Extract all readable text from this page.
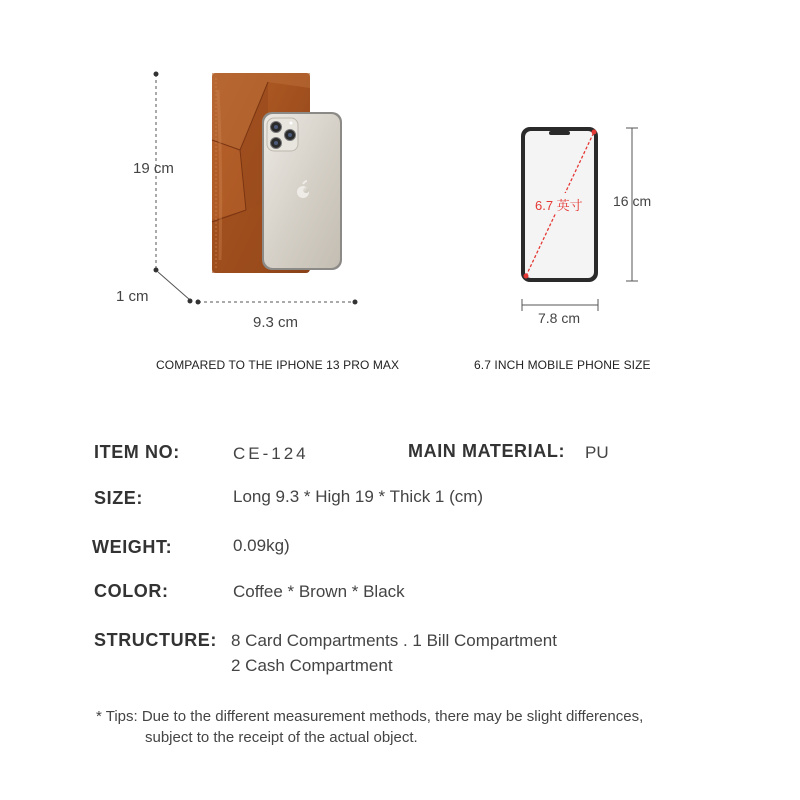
19 cm
1 cm
9.3 cm
COMPARED TO THE IPHONE 13 PRO MAX
6.7 英寸 16 cm
7.8 cm
6.7 INCH MOBILE PHONE SIZE
ITEM NO:	CE-124	MAIN MATERIAL: PU
SIZE:	Long 9.3 * High 19 * Thick 1 (cm)
WEIGHT:	0.09kg)
COLOR:	Coffee * Brown * Black
STRUCTURE: 8 Card Compartments . 1 Bill Compartment
2 Cash Compartment
* Tips: Due to the different measurement methods, there may be slight differences,
subject to the receipt of the actual object.
